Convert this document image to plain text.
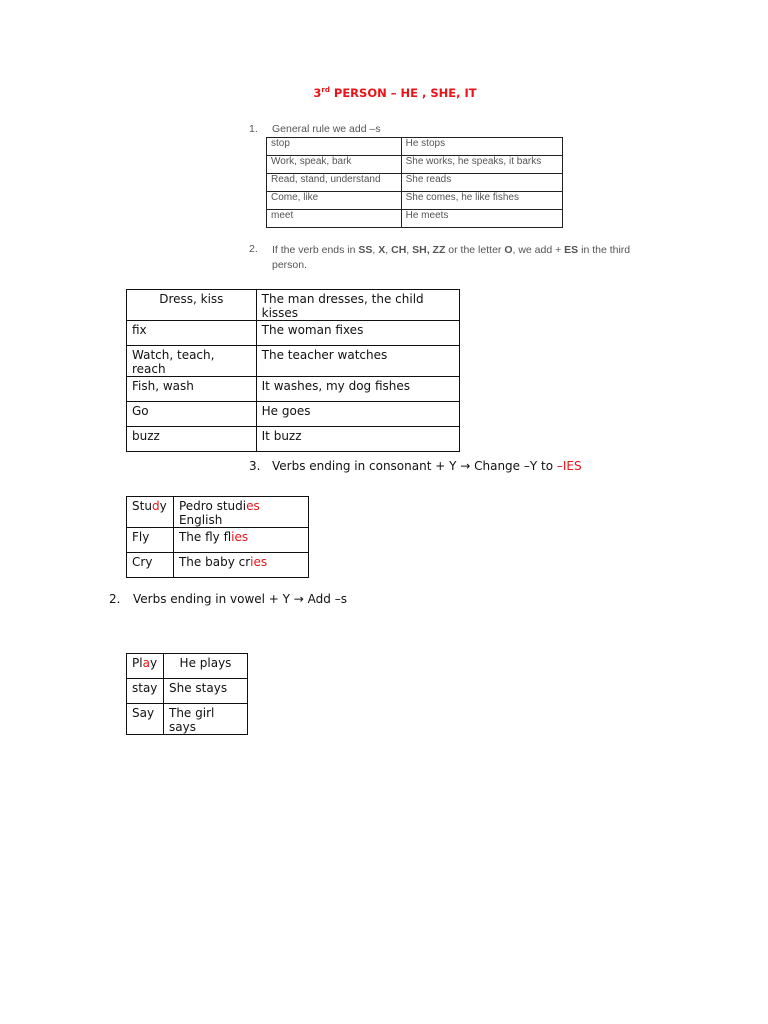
3rd PERSON – HE , SHE, IT
1. General rule we add –s
stop	He stops
Work, speak, bark	She works, he speaks, it barks
Read, stand, understand	She reads
Come, like	She comes, he like fishes
meet	He meets
2. If the verb ends in SS, X, CH, SH, ZZ or the letter O, we add + ES in the third
person.
Dress, kiss	The man dresses, the child kisses
fix	The woman fixes
Watch, teach, reach	The teacher watches
Fish, wash	It washes, my dog fishes
Go	He goes
buzz	It buzz
3. Verbs ending in consonant + Y → Change –Y to –IES
Study	Pedro studies English
Fly	The fly flies
Cry	The baby cries
2. Verbs ending in vowel + Y → Add –s
Play	He plays
stay	She stays
Say	The girl says
